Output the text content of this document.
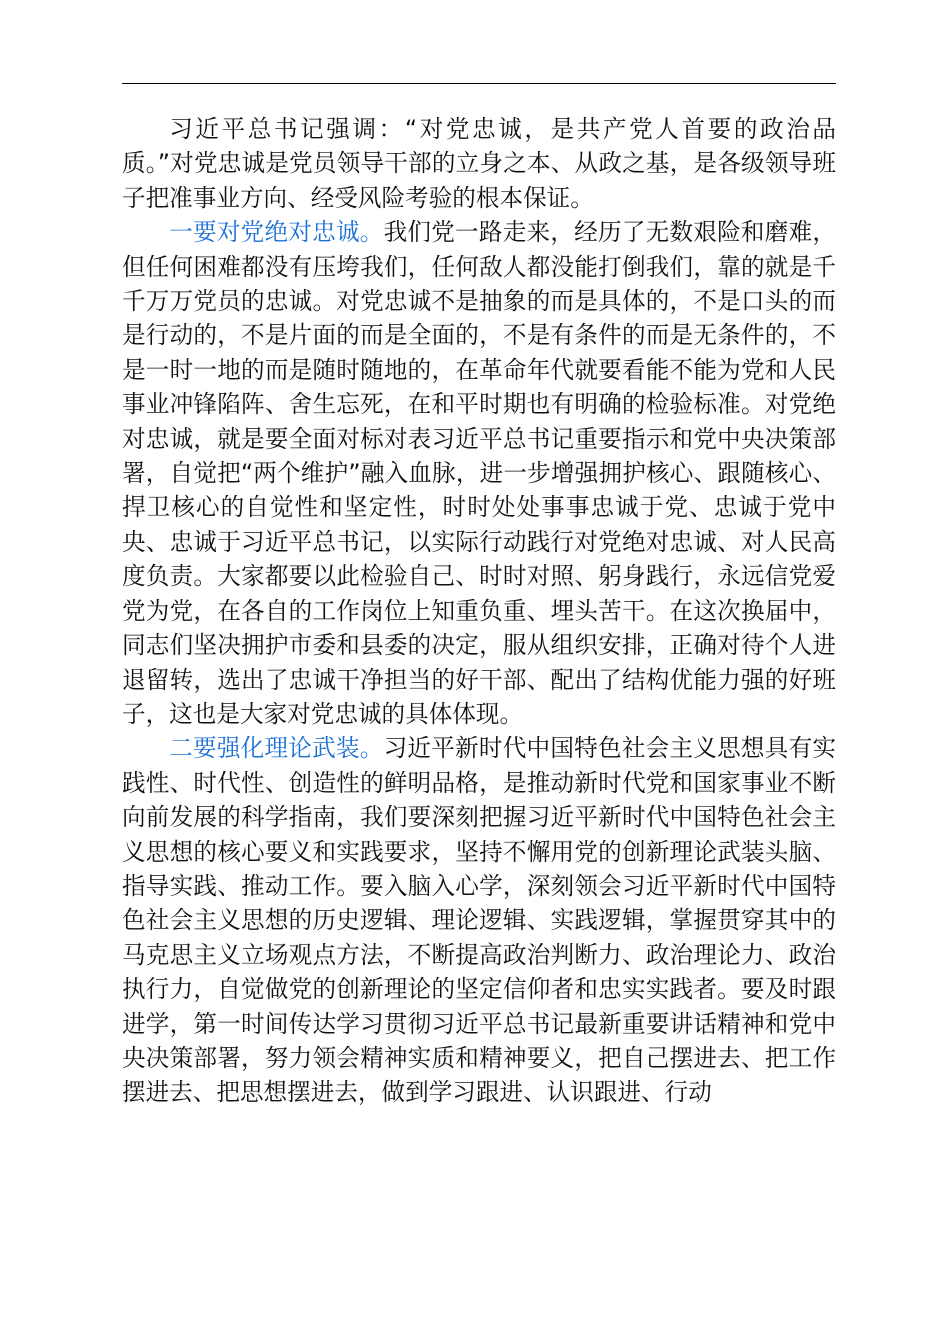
习近平总书记强调：“对党忠诚，是共产党人首要的政治品质。”对党忠诚是党员领导干部的立身之本、从政之基，是各级领导班子把准事业方向、经受风险考验的根本保证。

一要对党绝对忠诚。我们党一路走来，经历了无数艰险和磨难，但任何困难都没有压垮我们，任何敌人都没能打倒我们，靠的就是千千万万党员的忠诚。对党忠诚不是抽象的而是具体的，不是口头的而是行动的，不是片面的而是全面的，不是有条件的而是无条件的，不是一时一地的而是随时随地的，在革命年代就要看能不能为党和人民事业冲锋陷阵、舍生忘死，在和平时期也有明确的检验标准。对党绝对忠诚，就是要全面对标对表习近平总书记重要指示和党中央决策部署，自觉把“两个维护”融入血脉，进一步增强拥护核心、跟随核心、捍卫核心的自觉性和坚定性，时时处处事事忠诚于党、忠诚于党中央、忠诚于习近平总书记，以实际行动践行对党绝对忠诚、对人民高度负责。大家都要以此检验自己、时时对照、躬身践行，永远信党爱党为党，在各自的工作岗位上知重负重、埋头苦干。在这次换届中，同志们坚决拥护市委和县委的决定，服从组织安排，正确对待个人进退留转，选出了忠诚干净担当的好干部、配出了结构优能力强的好班子，这也是大家对党忠诚的具体体现。

二要强化理论武装。习近平新时代中国特色社会主义思想具有实践性、时代性、创造性的鲜明品格，是推动新时代党和国家事业不断向前发展的科学指南，我们要深刻把握习近平新时代中国特色社会主义思想的核心要义和实践要求，坚持不懈用党的创新理论武装头脑、指导实践、推动工作。要入脑入心学，深刻领会习近平新时代中国特色社会主义思想的历史逻辑、理论逻辑、实践逻辑，掌握贯穿其中的马克思主义立场观点方法，不断提高政治判断力、政治理论力、政治执行力，自觉做党的创新理论的坚定信仰者和忠实实践者。要及时跟进学，第一时间传达学习贯彻习近平总书记最新重要讲话精神和党中央决策部署，努力领会精神实质和精神要义，把自己摆进去、把工作摆进去、把思想摆进去，做到学习跟进、认识跟进、行动
